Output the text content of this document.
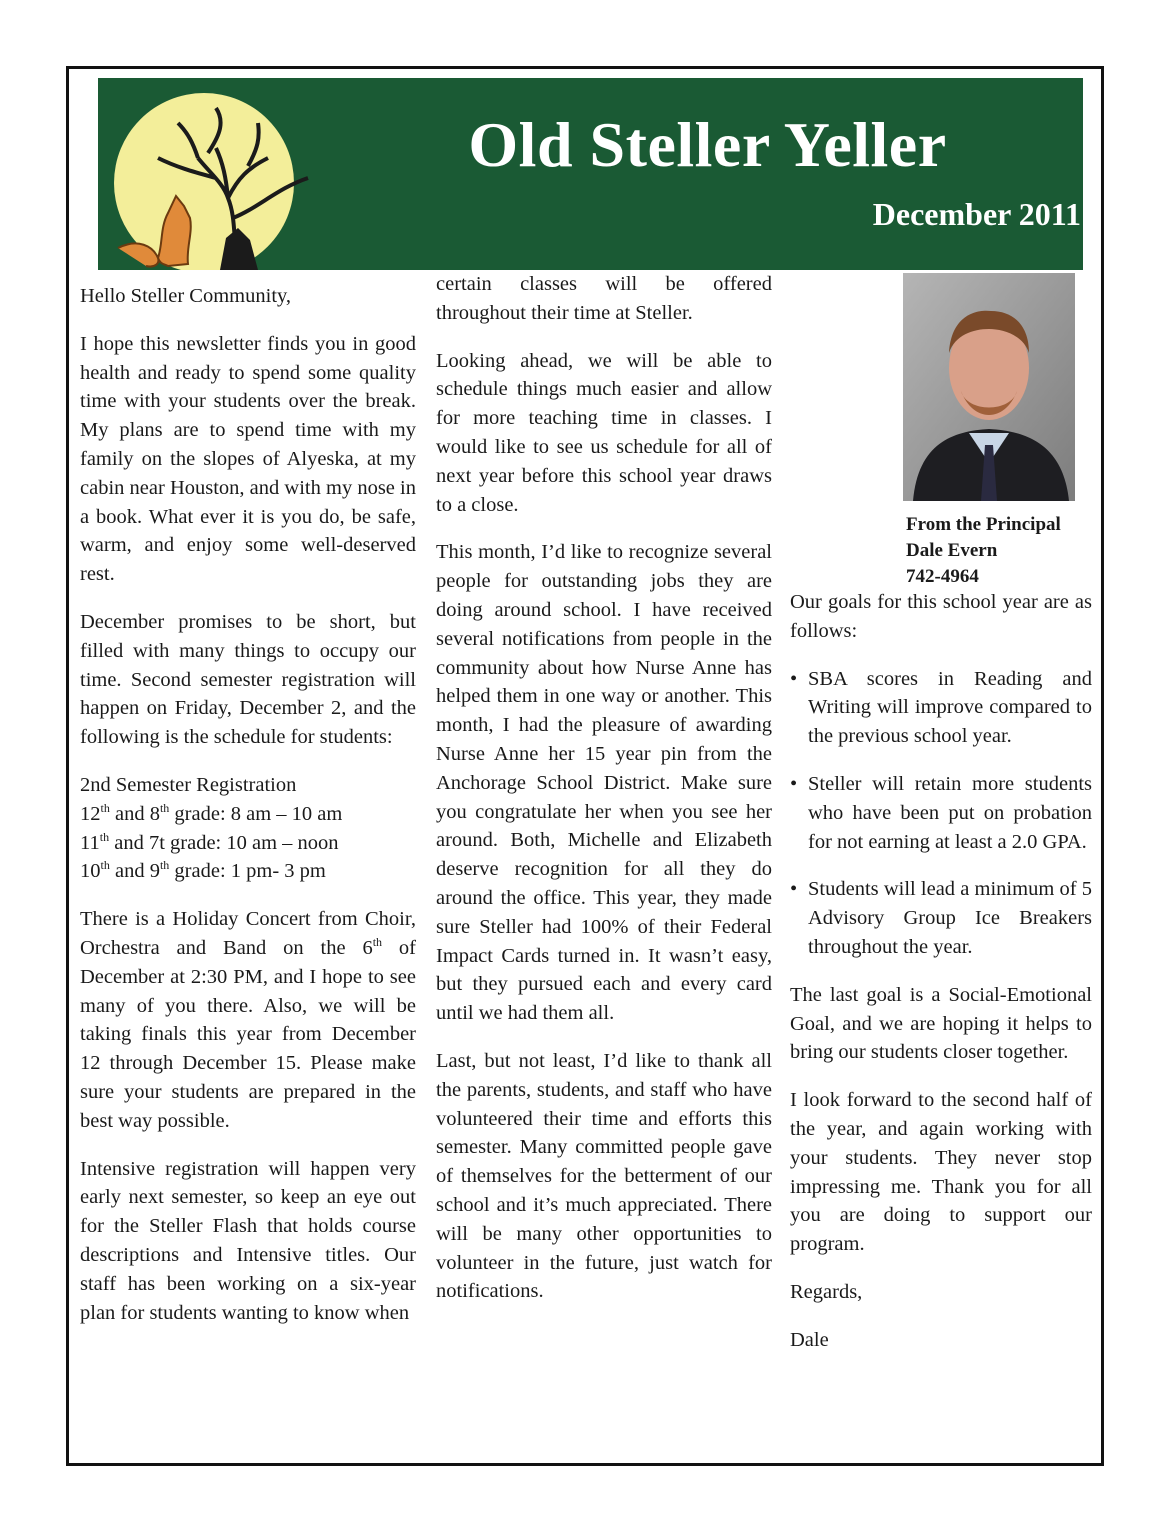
Old Steller Yeller
December 2011

Hello Steller Community,

I hope this newsletter finds you in good health and ready to spend some quality time with your students over the break. My plans are to spend time with my family on the slopes of Alyeska, at my cabin near Houston, and with my nose in a book. What ever it is you do, be safe, warm, and enjoy some well-deserved rest.

December promises to be short, but filled with many things to occupy our time. Second semester registration will happen on Friday, December 2, and the following is the schedule for students:

2nd Semester Registration
12th and 8th grade: 8 am – 10 am
11th and 7t grade: 10 am – noon
10th and 9th grade: 1 pm- 3 pm

There is a Holiday Concert from Choir, Orchestra and Band on the 6th of December at 2:30 PM, and I hope to see many of you there. Also, we will be taking finals this year from December 12 through December 15. Please make sure your students are prepared in the best way possible.

Intensive registration will happen very early next semester, so keep an eye out for the Steller Flash that holds course descriptions and Intensive titles. Our staff has been working on a six-year plan for students wanting to know when

certain classes will be offered throughout their time at Steller.

Looking ahead, we will be able to schedule things much easier and allow for more teaching time in classes. I would like to see us schedule for all of next year before this school year draws to a close.

This month, I’d like to recognize several people for outstanding jobs they are doing around school. I have received several notifications from people in the community about how Nurse Anne has helped them in one way or another. This month, I had the pleasure of awarding Nurse Anne her 15 year pin from the Anchorage School District. Make sure you congratulate her when you see her around. Both, Michelle and Elizabeth deserve recognition for all they do around the office. This year, they made sure Steller had 100% of their Federal Impact Cards turned in. It wasn’t easy, but they pursued each and every card until we had them all.

Last, but not least, I’d like to thank all the parents, students, and staff who have volunteered their time and efforts this semester. Many committed people gave of themselves for the betterment of our school and it’s much appreciated. There will be many other opportunities to volunteer in the future, just watch for notifications.

From the Principal
Dale Evern
742-4964

Our goals for this school year are as follows:

• SBA scores in Reading and Writing will improve compared to the previous school year.
• Steller will retain more students who have been put on probation for not earning at least a 2.0 GPA.
• Students will lead a minimum of 5 Advisory Group Ice Breakers throughout the year.

The last goal is a Social-Emotional Goal, and we are hoping it helps to bring our students closer together.

I look forward to the second half of the year, and again working with your students. They never stop impressing me. Thank you for all you are doing to support our program.

Regards,

Dale
